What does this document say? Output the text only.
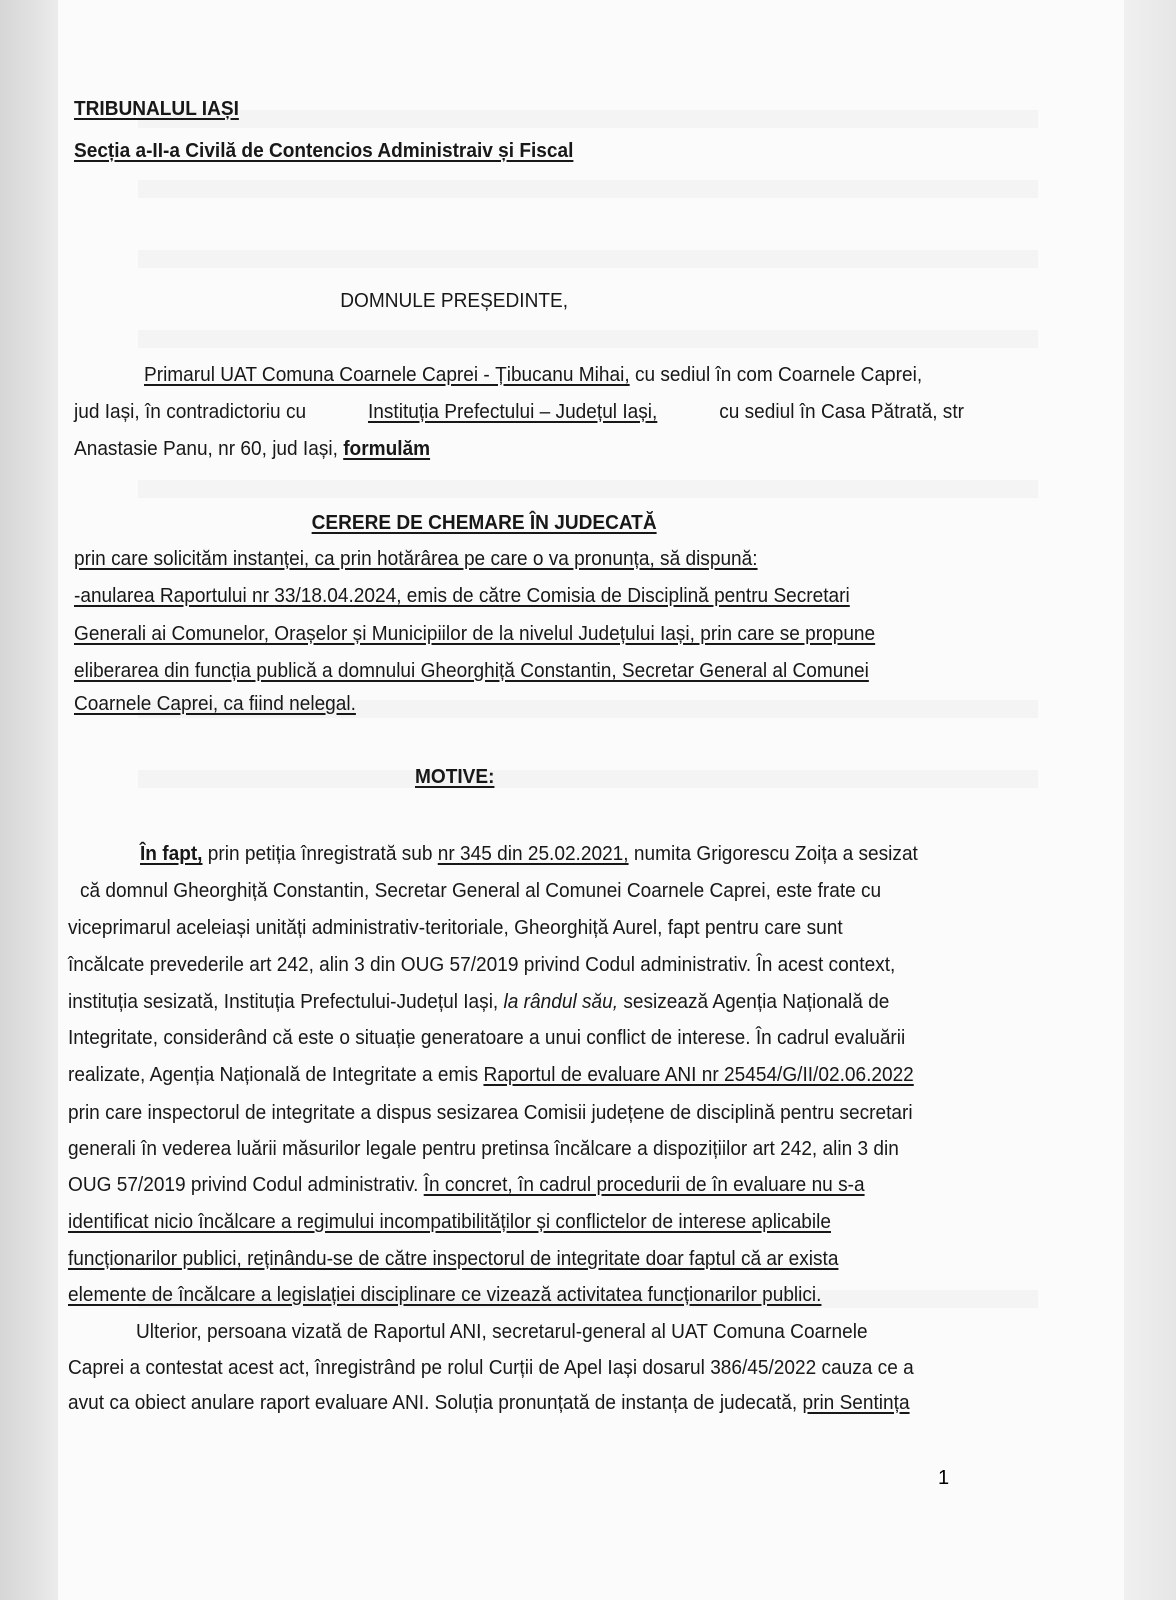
TRIBUNALUL IAȘI
Secția a-II-a Civilă de Contencios Administraiv și Fiscal
DOMNULE PREȘEDINTE,
Primarul UAT Comuna Coarnele Caprei - Țibucanu Mihai, cu sediul în com Coarnele Caprei,
jud Iași, în contradictoriu cu	Instituția Prefectului – Județul Iași,	cu sediul în Casa Pătrată, str
Anastasie Panu, nr 60, jud Iași, formulăm
CERERE DE CHEMARE ÎN JUDECATĂ
prin care solicităm instanței, ca prin hotărârea pe care o va pronunța, să dispună:
-anularea Raportului nr 33/18.04.2024, emis de către Comisia de Disciplină pentru Secretari
Generali ai Comunelor, Orașelor și Municipiilor de la nivelul Județului Iași, prin care se propune
eliberarea din funcția publică a domnului Gheorghiță Constantin, Secretar General al Comunei
Coarnele Caprei, ca fiind nelegal.
MOTIVE:
În fapt, prin petiția înregistrată sub nr 345 din 25.02.2021, numita Grigorescu Zoița a sesizat
că domnul Gheorghiță Constantin, Secretar General al Comunei Coarnele Caprei, este frate cu
viceprimarul aceleiași unități administrativ-teritoriale, Gheorghiță Aurel, fapt pentru care sunt
încălcate prevederile art 242, alin 3 din OUG 57/2019 privind Codul administrativ. În acest context,
instituția sesizată, Instituția Prefectului-Județul Iași, la rândul său, sesizează Agenția Națională de
Integritate, considerând că este o situație generatoare a unui conflict de interese. În cadrul evaluării
realizate, Agenția Națională de Integritate a emis Raportul de evaluare ANI nr 25454/G/II/02.06.2022
prin care inspectorul de integritate a dispus sesizarea Comisii județene de disciplină pentru secretari
generali în vederea luării măsurilor legale pentru pretinsa încălcare a dispozițiilor art 242, alin 3 din
OUG 57/2019 privind Codul administrativ. În concret, în cadrul procedurii de în evaluare nu s-a
identificat nicio încălcare a regimului incompatibilităților și conflictelor de interese aplicabile
funcționarilor publici, reținându-se de către inspectorul de integritate doar faptul că ar exista
elemente de încălcare a legislației disciplinare ce vizează activitatea funcționarilor publici.
Ulterior, persoana vizată de Raportul ANI, secretarul-general al UAT Comuna Coarnele
Caprei a contestat acest act, înregistrând pe rolul Curții de Apel Iași dosarul 386/45/2022 cauza ce a
avut ca obiect anulare raport evaluare ANI. Soluția pronunțată de instanța de judecată, prin Sentința
1
